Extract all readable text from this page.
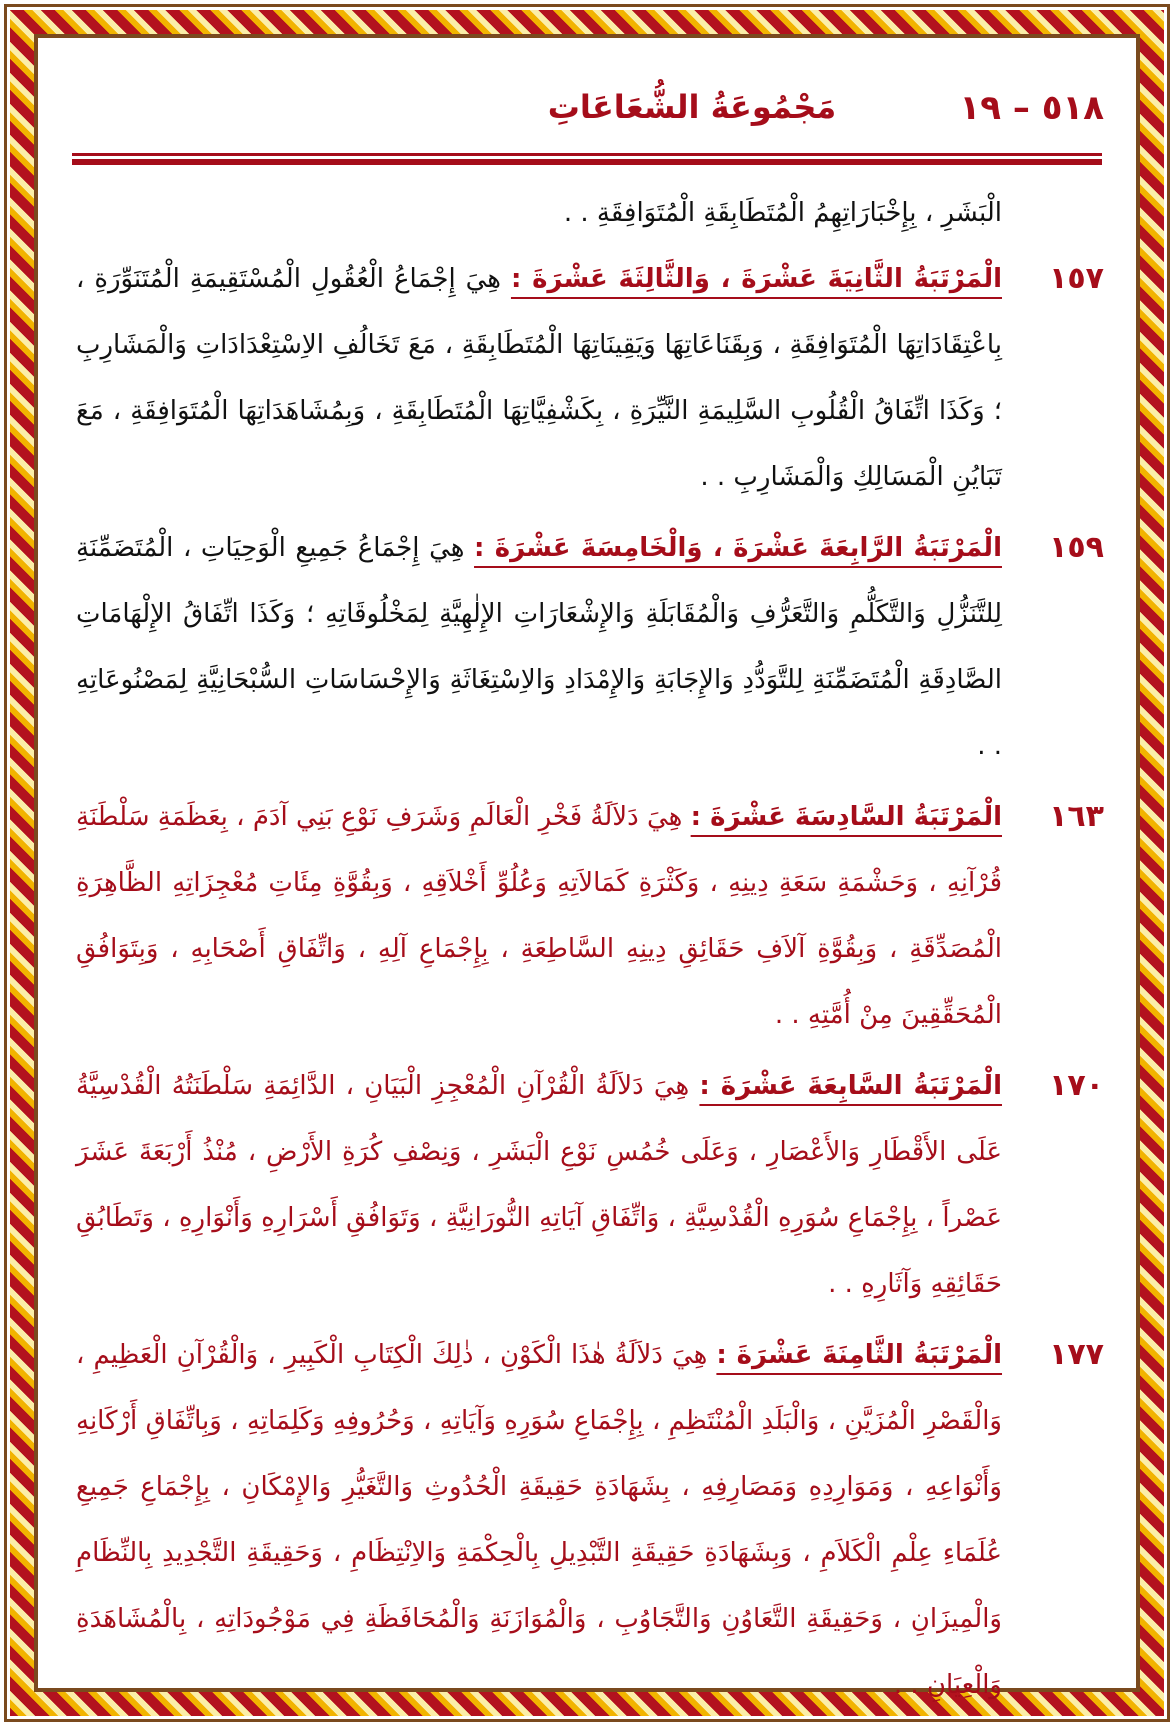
٥١٨ – ١٩
مَجْمُوعَةُ الشُّعَاعَاتِ
الْبَشَرِ ، بِإِخْبَارَاتِهِمُ الْمُتَطَابِقَةِ الْمُتَوَافِقَةِ . .
١٥٧
الْمَرْتَبَةُ الثَّانِيَةَ عَشْرَةَ ، وَالثَّالِثَةَ عَشْرَةَ : هِيَ إِجْمَاعُ الْعُقُولِ الْمُسْتَقِيمَةِ الْمُتَنَوِّرَةِ ، بِاعْتِقَادَاتِهَا الْمُتَوَافِقَةِ ، وَبِقَنَاعَاتِهَا وَيَقِينَاتِهَا الْمُتَطَابِقَةِ ، مَعَ تَخَالُفِ الاِسْتِعْدَادَاتِ وَالْمَشَارِبِ ؛ وَكَذَا اتِّفَاقُ الْقُلُوبِ السَّلِيمَةِ النَّيِّرَةِ ، بِكَشْفِيَّاتِهَا الْمُتَطَابِقَةِ ، وَبِمُشَاهَدَاتِهَا الْمُتَوَافِقَةِ ، مَعَ تَبَايُنِ الْمَسَالِكِ وَالْمَشَارِبِ . .
١٥٩
الْمَرْتَبَةُ الرَّابِعَةَ عَشْرَةَ ، وَالْخَامِسَةَ عَشْرَةَ : هِيَ إِجْمَاعُ جَمِيعِ الْوَحِيَاتِ ، الْمُتَضَمِّنَةِ لِلتَّنَزُّلِ وَالتَّكَلُّمِ وَالتَّعَرُّفِ وَالْمُقَابَلَةِ وَالإِشْعَارَاتِ الإِلٰهِيَّةِ لِمَخْلُوقَاتِهِ ؛ وَكَذَا اتِّفَاقُ الإِلْهَامَاتِ الصَّادِقَةِ الْمُتَضَمِّنَةِ لِلتَّوَدُّدِ وَالإِجَابَةِ وَالإِمْدَادِ وَالاِسْتِغَاثَةِ وَالإِحْسَاسَاتِ السُّبْحَانِيَّةِ لِمَصْنُوعَاتِهِ . .
١٦٣
الْمَرْتَبَةُ السَّادِسَةَ عَشْرَةَ : هِيَ دَلاَلَةُ فَخْرِ الْعَالَمِ وَشَرَفِ نَوْعِ بَنِي آدَمَ ، بِعَظَمَةِ سَلْطَنَةِ قُرْآنِهِ ، وَحَشْمَةِ سَعَةِ دِينِهِ ، وَكَثْرَةِ كَمَالاَتِهِ وَعُلُوِّ أَخْلاَقِهِ ، وَبِقُوَّةِ مِئَاتِ مُعْجِزَاتِهِ الظَّاهِرَةِ الْمُصَدِّقَةِ ، وَبِقُوَّةِ آلاَفِ حَقَائِقِ دِينِهِ السَّاطِعَةِ ، بِإِجْمَاعِ آلِهِ ، وَاتِّفَاقِ أَصْحَابِهِ ، وَبِتَوَافُقِ الْمُحَقِّقِينَ مِنْ أُمَّتِهِ . .
١٧٠
الْمَرْتَبَةُ السَّابِعَةَ عَشْرَةَ : هِيَ دَلاَلَةُ الْقُرْآنِ الْمُعْجِزِ الْبَيَانِ ، الدَّائِمَةِ سَلْطَنَتُهُ الْقُدْسِيَّةُ عَلَى الأَقْطَارِ وَالأَعْصَارِ ، وَعَلَى خُمُسِ نَوْعِ الْبَشَرِ ، وَنِصْفِ كُرَةِ الأَرْضِ ، مُنْذُ أَرْبَعَةَ عَشَرَ عَصْراً ، بِإِجْمَاعِ سُوَرِهِ الْقُدْسِيَّةِ ، وَاتِّفَاقِ آيَاتِهِ النُّورَانِيَّةِ ، وَتَوَافُقِ أَسْرَارِهِ وَأَنْوَارِهِ ، وَتَطَابُقِ حَقَائِقِهِ وَآثَارِهِ . .
١٧٧
الْمَرْتَبَةُ الثَّامِنَةَ عَشْرَةَ : هِيَ دَلاَلَةُ هٰذَا الْكَوْنِ ، ذٰلِكَ الْكِتَابِ الْكَبِيرِ ، وَالْقُرْآنِ الْعَظِيمِ ، وَالْقَصْرِ الْمُزَيَّنِ ، وَالْبَلَدِ الْمُنْتَظِمِ ، بِإِجْمَاعِ سُوَرِهِ وَآيَاتِهِ ، وَحُرُوفِهِ وَكَلِمَاتِهِ ، وَبِاتِّفَاقِ أَرْكَانِهِ وَأَنْوَاعِهِ ، وَمَوَارِدِهِ وَمَصَارِفِهِ ، بِشَهَادَةِ حَقِيقَةِ الْحُدُوثِ وَالتَّغَيُّرِ وَالإِمْكَانِ ، بِإِجْمَاعِ جَمِيعِ عُلَمَاءِ عِلْمِ الْكَلاَمِ ، وَبِشَهَادَةِ حَقِيقَةِ التَّبْدِيلِ بِالْحِكْمَةِ وَالاِنْتِظَامِ ، وَحَقِيقَةِ التَّجْدِيدِ بِالنِّظَامِ وَالْمِيزَانِ ، وَحَقِيقَةِ التَّعَاوُنِ وَالتَّجَاوُبِ ، وَالْمُوَازَنَةِ وَالْمُحَافَظَةِ فِي مَوْجُودَاتِهِ ، بِالْمُشَاهَدَةِ وَالْعِيَانِ . .
